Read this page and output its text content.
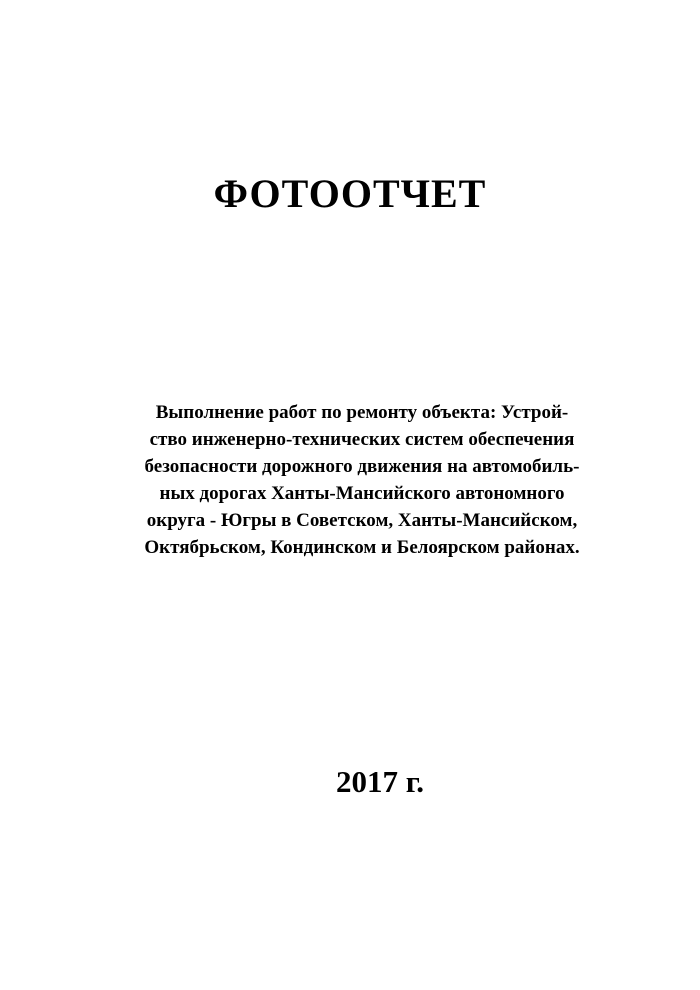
ФОТООТЧЕТ
Выполнение работ по ремонту объекта: Устрой-
ство инженерно-технических систем обеспечения
безопасности дорожного движения на автомобиль-
ных дорогах Ханты-Мансийского автономного
округа - Югры в Советском, Ханты-Мансийском,
Октябрьском, Кондинском и Белоярском районах.
2017 г.
